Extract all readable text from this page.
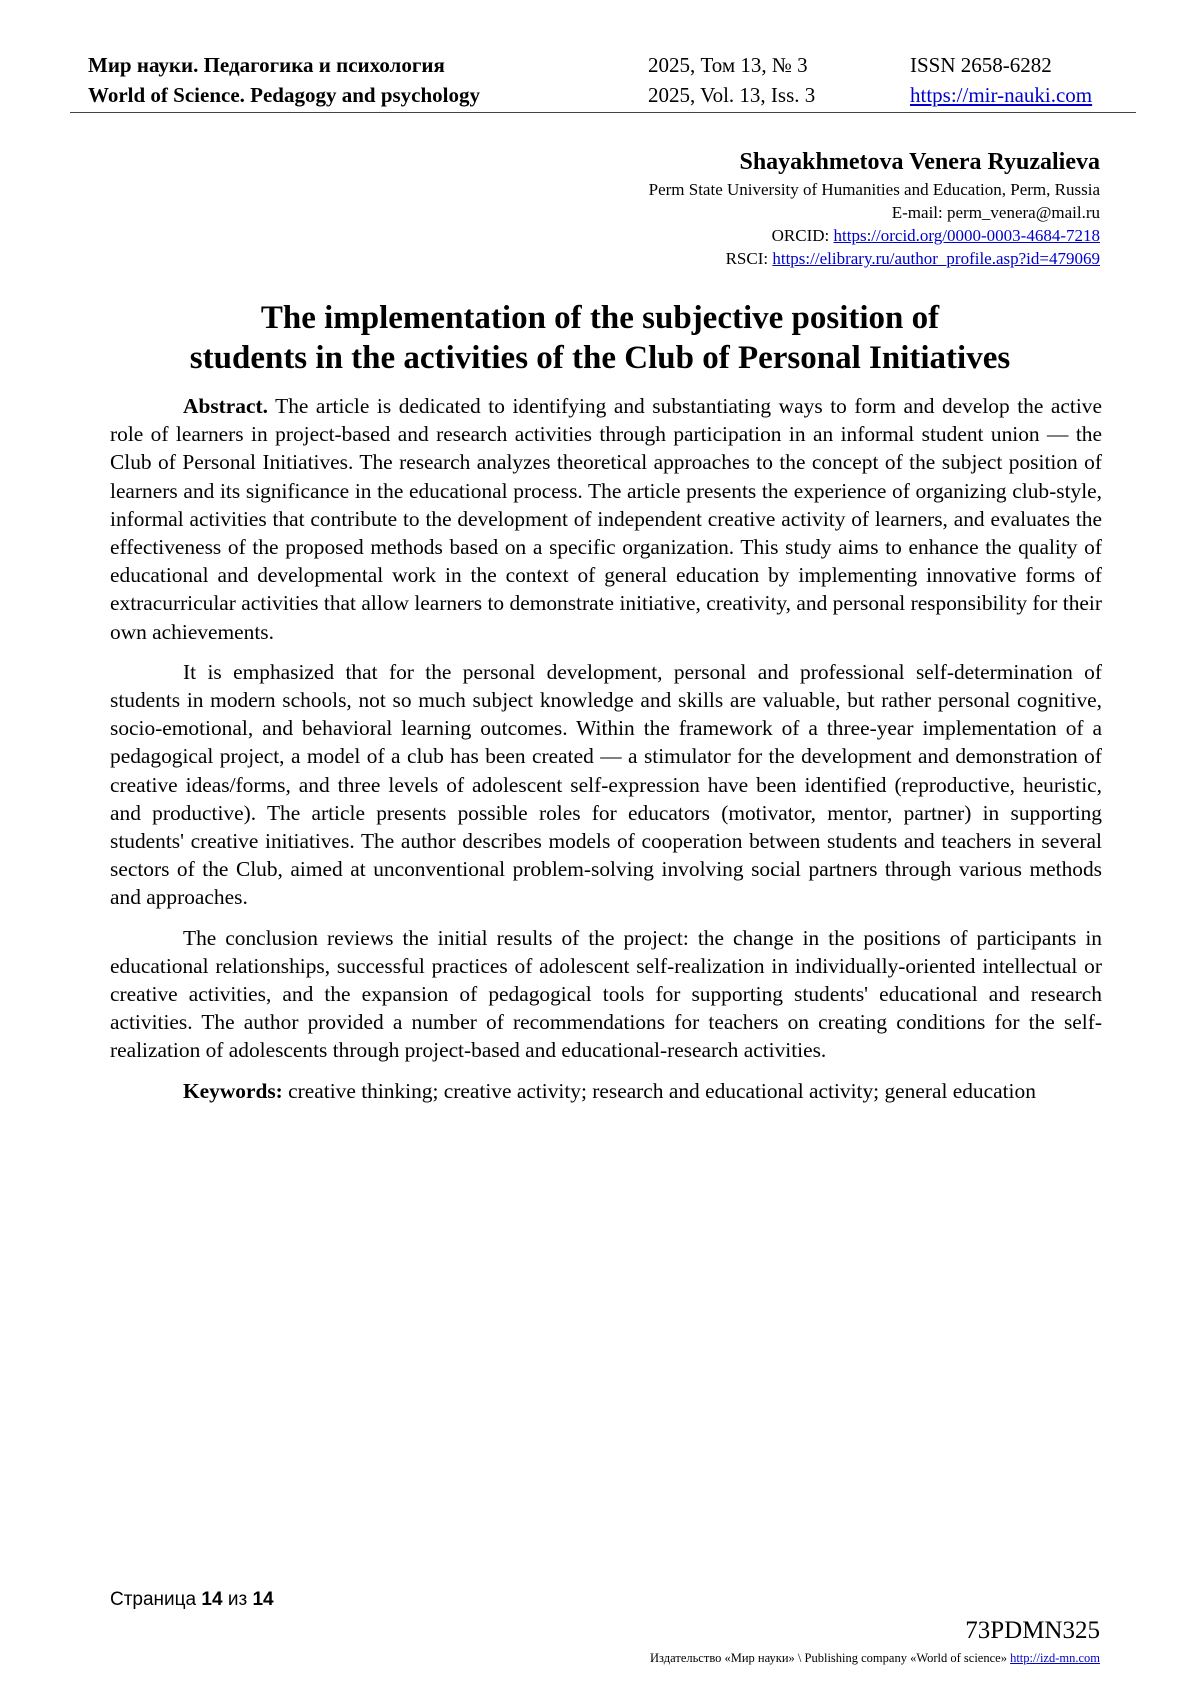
Мир науки. Педагогика и психология
World of Science. Pedagogy and psychology
2025, Том 13, № 3
2025, Vol. 13, Iss. 3
ISSN 2658-6282
https://mir-nauki.com
Shayakhmetova Venera Ryuzalieva
Perm State University of Humanities and Education, Perm, Russia
E-mail: perm_venera@mail.ru
ORCID: https://orcid.org/0000-0003-4684-7218
RSCI: https://elibrary.ru/author_profile.asp?id=479069
The implementation of the subjective position of
students in the activities of the Club of Personal Initiatives

Abstract. The article is dedicated to identifying and substantiating ways to form and develop the active role of learners in project-based and research activities through participation in an informal student union — the Club of Personal Initiatives. The research analyzes theoretical approaches to the concept of the subject position of learners and its significance in the educational process. The article presents the experience of organizing club-style, informal activities that contribute to the development of independent creative activity of learners, and evaluates the effectiveness of the proposed methods based on a specific organization. This study aims to enhance the quality of educational and developmental work in the context of general education by implementing innovative forms of extracurricular activities that allow learners to demonstrate initiative, creativity, and personal responsibility for their own achievements.

It is emphasized that for the personal development, personal and professional self-determination of students in modern schools, not so much subject knowledge and skills are valuable, but rather personal cognitive, socio-emotional, and behavioral learning outcomes. Within the framework of a three-year implementation of a pedagogical project, a model of a club has been created — a stimulator for the development and demonstration of creative ideas/forms, and three levels of adolescent self-expression have been identified (reproductive, heuristic, and productive). The article presents possible roles for educators (motivator, mentor, partner) in supporting students' creative initiatives. The author describes models of cooperation between students and teachers in several sectors of the Club, aimed at unconventional problem-solving involving social partners through various methods and approaches.

The conclusion reviews the initial results of the project: the change in the positions of participants in educational relationships, successful practices of adolescent self-realization in individually-oriented intellectual or creative activities, and the expansion of pedagogical tools for supporting students' educational and research activities. The author provided a number of recommendations for teachers on creating conditions for the self-realization of adolescents through project-based and educational-research activities.

Keywords: creative thinking; creative activity; research and educational activity; general education

Страница 14 из 14
73PDMN325
Издательство «Мир науки» \ Publishing company «World of science» http://izd-mn.com
